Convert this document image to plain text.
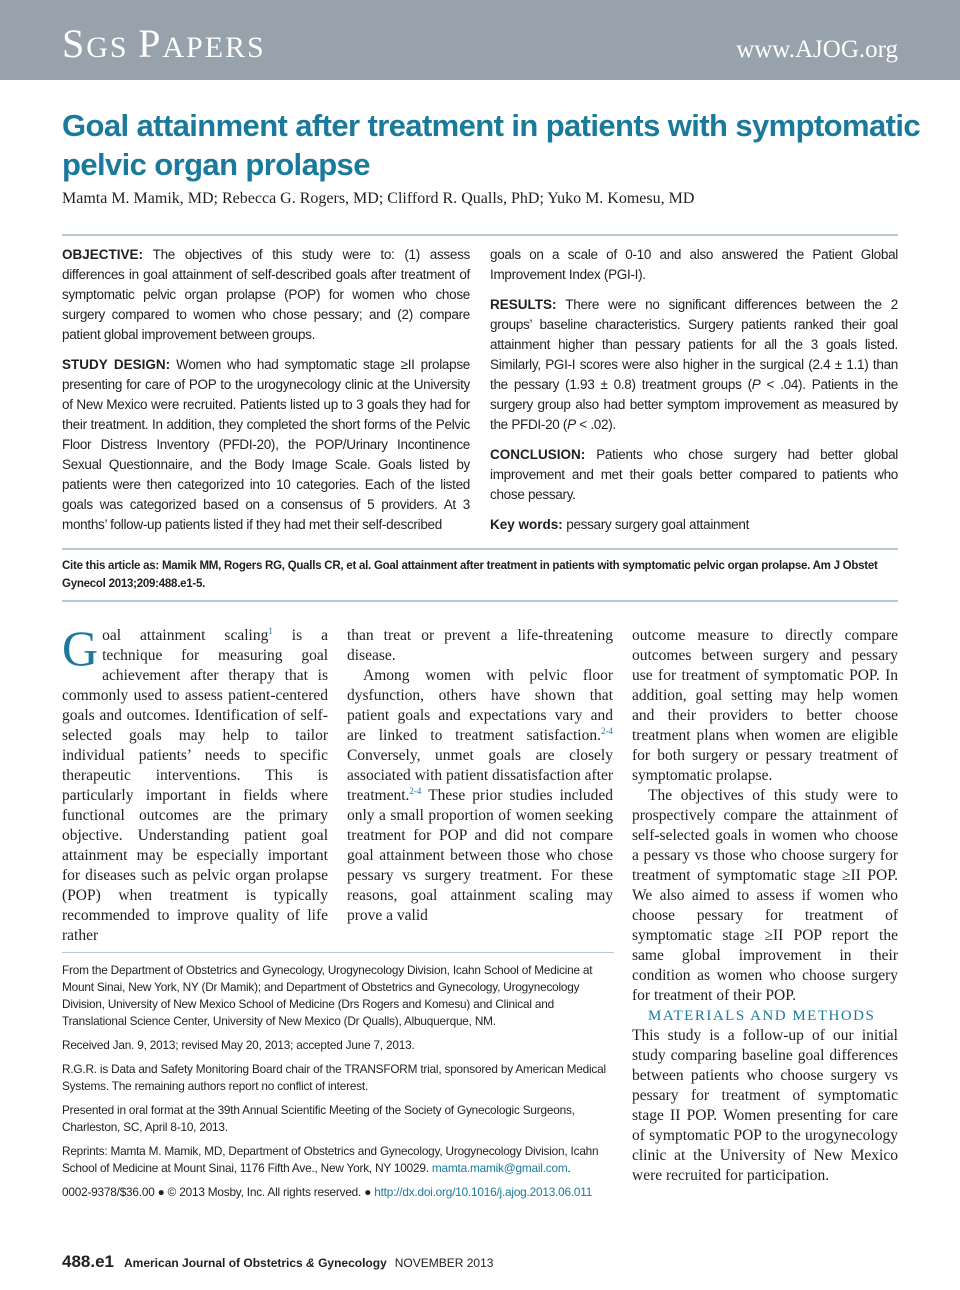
SGS PAPERS	www.AJOG.org
Goal attainment after treatment in patients with symptomatic pelvic organ prolapse

Mamta M. Mamik, MD; Rebecca G. Rogers, MD; Clifford R. Qualls, PhD; Yuko M. Komesu, MD

OBJECTIVE: The objectives of this study were to: (1) assess differences in goal attainment of self-described goals after treatment of symptomatic pelvic organ prolapse (POP) for women who chose surgery compared to women who chose pessary; and (2) compare patient global improvement between groups.

STUDY DESIGN: Women who had symptomatic stage ≥II prolapse presenting for care of POP to the urogynecology clinic at the University of New Mexico were recruited. Patients listed up to 3 goals they had for their treatment. In addition, they completed the short forms of the Pelvic Floor Distress Inventory (PFDI-20), the POP/Urinary Incontinence Sexual Questionnaire, and the Body Image Scale. Goals listed by patients were then categorized into 10 categories. Each of the listed goals was categorized based on a consensus of 5 providers. At 3 months’ follow-up patients listed if they had met their self-described

goals on a scale of 0-10 and also answered the Patient Global Improvement Index (PGI-I).

RESULTS: There were no significant differences between the 2 groups’ baseline characteristics. Surgery patients ranked their goal attainment higher than pessary patients for all the 3 goals listed. Similarly, PGI-I scores were also higher in the surgical (2.4 ± 1.1) than the pessary (1.93 ± 0.8) treatment groups (P < .04). Patients in the surgery group also had better symptom improvement as measured by the PFDI-20 (P < .02).

CONCLUSION: Patients who chose surgery had better global improvement and met their goals better compared to patients who chose pessary.

Key words: pessary surgery goal attainment

Cite this article as: Mamik MM, Rogers RG, Qualls CR, et al. Goal attainment after treatment in patients with symptomatic pelvic organ prolapse. Am J Obstet Gynecol 2013;209:488.e1-5.

Goal attainment scaling$^1$ is a technique for measuring goal achievement after therapy that is commonly used to assess patient-centered goals and outcomes. Identification of self-selected goals may help to tailor individual patients’ needs to specific therapeutic interventions. This is particularly important in fields where functional outcomes are the primary objective. Understanding patient goal attainment may be especially important for diseases such as pelvic organ prolapse (POP) when treatment is typically recommended to improve quality of life rather

than treat or prevent a life-threatening disease.

Among women with pelvic floor dysfunction, others have shown that patient goals and expectations vary and are linked to treatment satisfaction.$^{2-4}$ Conversely, unmet goals are closely associated with patient dissatisfaction after treatment.$^{2-4}$ These prior studies included only a small proportion of women seeking treatment for POP and did not compare goal attainment between those who chose pessary vs surgery treatment. For these reasons, goal attainment scaling may prove a valid

outcome measure to directly compare outcomes between surgery and pessary use for treatment of symptomatic POP. In addition, goal setting may help women and their providers to better choose treatment plans when women are eligible for both surgery or pessary treatment of symptomatic prolapse.

The objectives of this study were to prospectively compare the attainment of self-selected goals in women who choose a pessary vs those who choose surgery for treatment of symptomatic stage ≥II POP. We also aimed to assess if women who choose pessary for treatment of symptomatic stage ≥II POP report the same global improvement in their condition as women who choose surgery for treatment of their POP.

MATERIALS AND METHODS

This study is a follow-up of our initial study comparing baseline goal differences between patients who choose surgery vs pessary for treatment of symptomatic stage II POP. Women presenting for care of symptomatic POP to the urogynecology clinic at the University of New Mexico were recruited for participation.

From the Department of Obstetrics and Gynecology, Urogynecology Division, Icahn School of Medicine at Mount Sinai, New York, NY (Dr Mamik); and Department of Obstetrics and Gynecology, Urogynecology Division, University of New Mexico School of Medicine (Drs Rogers and Komesu) and Clinical and Translational Science Center, University of New Mexico (Dr Qualls), Albuquerque, NM.

Received Jan. 9, 2013; revised May 20, 2013; accepted June 7, 2013.

R.G.R. is Data and Safety Monitoring Board chair of the TRANSFORM trial, sponsored by American Medical Systems. The remaining authors report no conflict of interest.

Presented in oral format at the 39th Annual Scientific Meeting of the Society of Gynecologic Surgeons, Charleston, SC, April 8-10, 2013.

Reprints: Mamta M. Mamik, MD, Department of Obstetrics and Gynecology, Urogynecology Division, Icahn School of Medicine at Mount Sinai, 1176 Fifth Ave., New York, NY 10029. mamta.mamik@gmail.com.

0002-9378/$36.00 ● © 2013 Mosby, Inc. All rights reserved. ● http://dx.doi.org/10.1016/j.ajog.2013.06.011

488.e1 American Journal of Obstetrics & Gynecology NOVEMBER 2013
